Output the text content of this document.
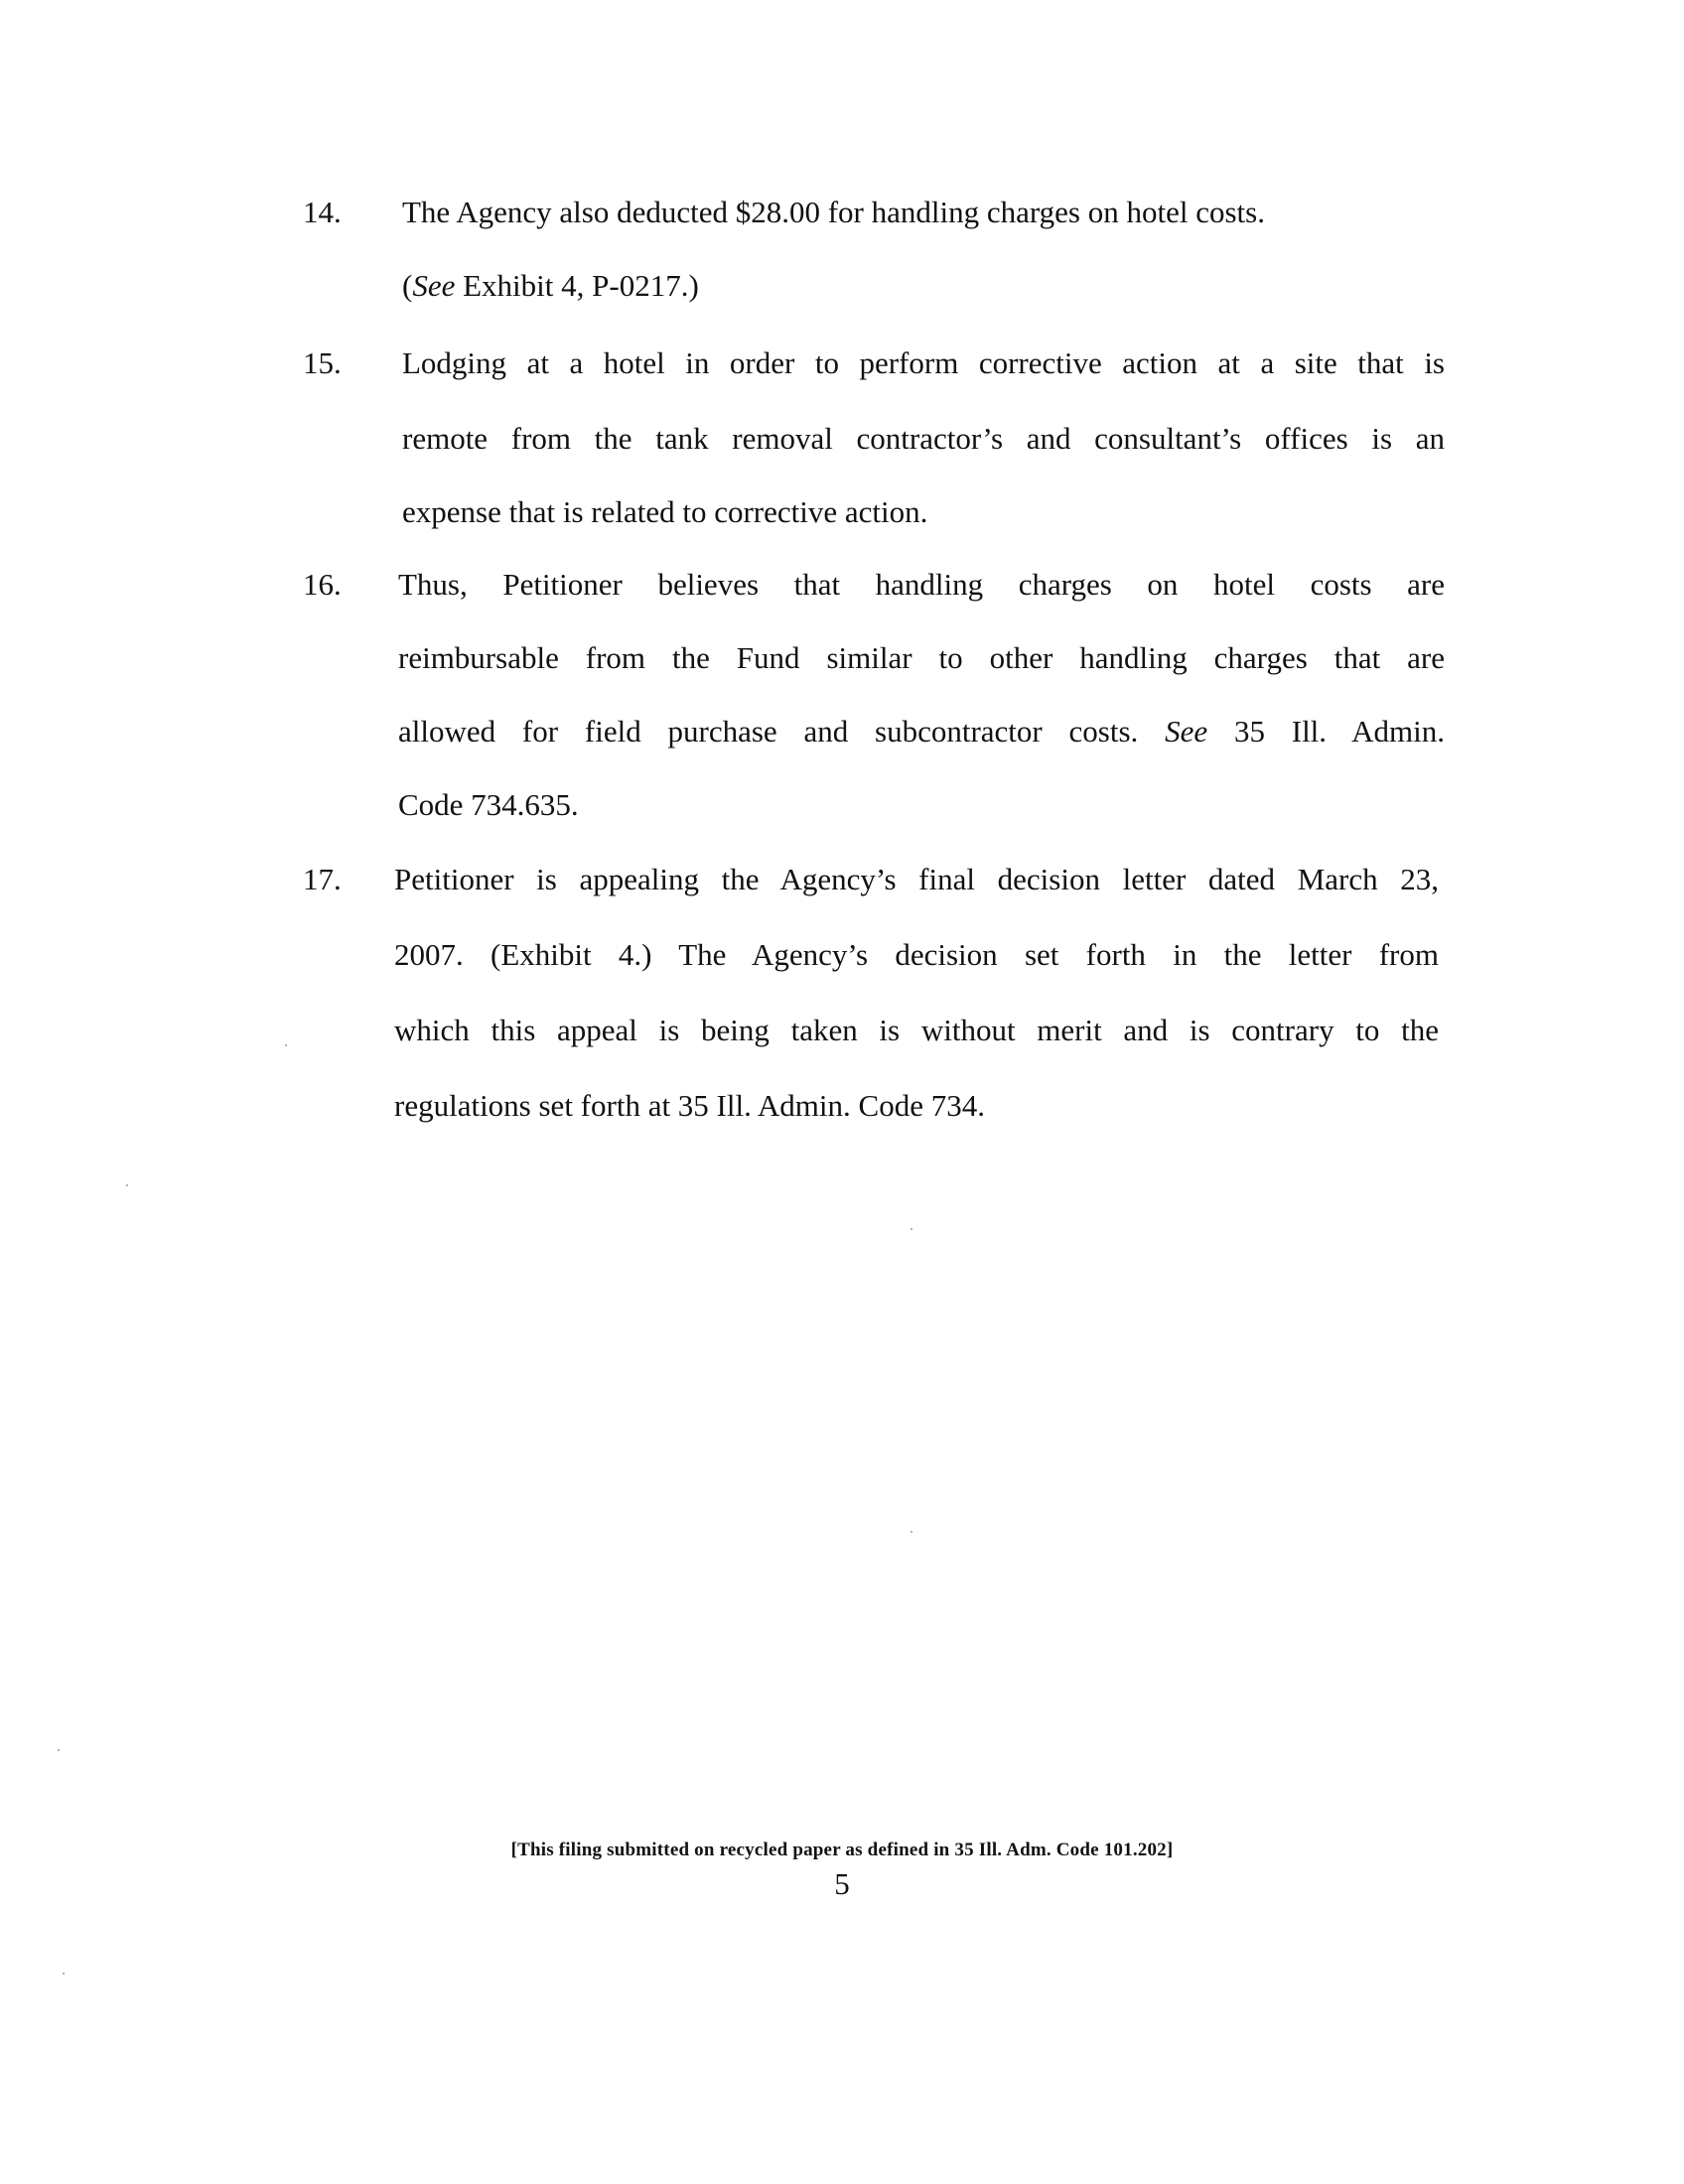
14. The Agency also deducted $28.00 for handling charges on hotel costs.
(See Exhibit 4, P-0217.)
15. Lodging at a hotel in order to perform corrective action at a site that is
remote from the tank removal contractor’s and consultant’s offices is an
expense that is related to corrective action.
16. Thus, Petitioner believes that handling charges on hotel costs are
reimbursable from the Fund similar to other handling charges that are
allowed for field purchase and subcontractor costs. See 35 Ill. Admin.
Code 734.635.
17. Petitioner is appealing the Agency’s final decision letter dated March 23,
2007. (Exhibit 4.) The Agency’s decision set forth in the letter from
which this appeal is being taken is without merit and is contrary to the
regulations set forth at 35 Ill. Admin. Code 734.
[This filing submitted on recycled paper as defined in 35 Ill. Adm. Code 101.202]
5
